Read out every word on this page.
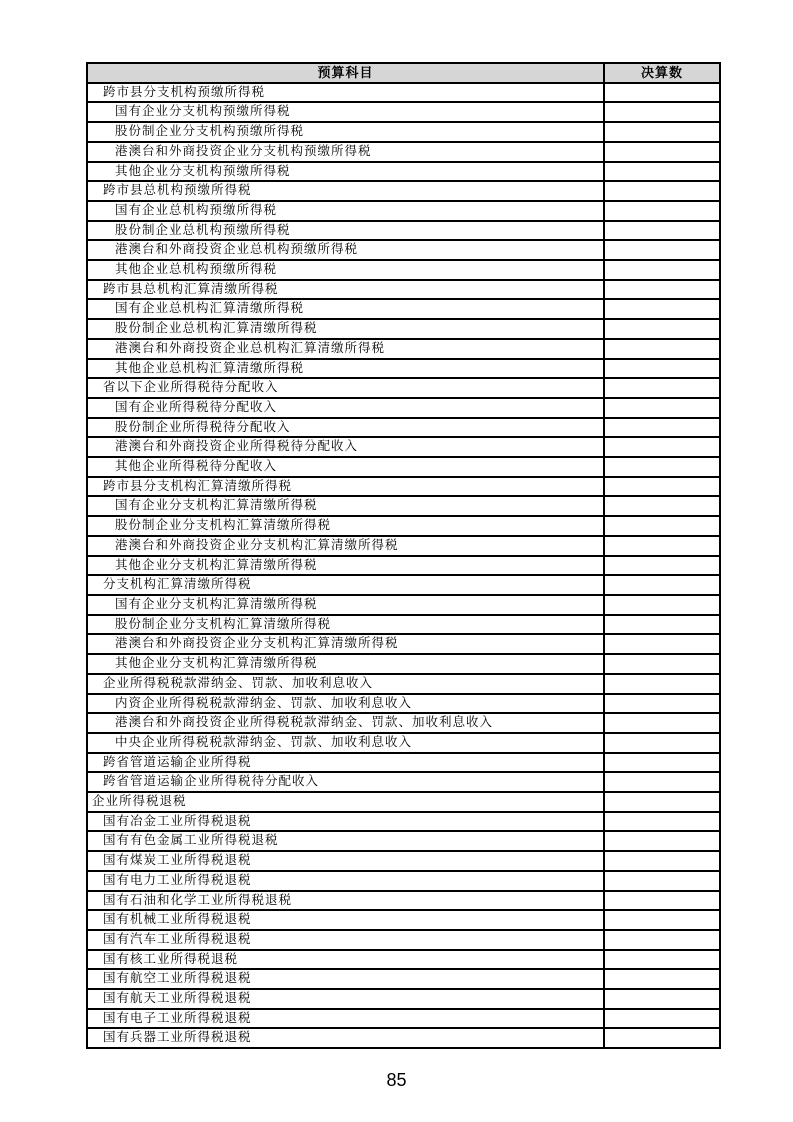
预算科目	决算数
跨市县分支机构预缴所得税	
国有企业分支机构预缴所得税	
股份制企业分支机构预缴所得税	
港澳台和外商投资企业分支机构预缴所得税	
其他企业分支机构预缴所得税	
跨市县总机构预缴所得税	
国有企业总机构预缴所得税	
股份制企业总机构预缴所得税	
港澳台和外商投资企业总机构预缴所得税	
其他企业总机构预缴所得税	
跨市县总机构汇算清缴所得税	
国有企业总机构汇算清缴所得税	
股份制企业总机构汇算清缴所得税	
港澳台和外商投资企业总机构汇算清缴所得税	
其他企业总机构汇算清缴所得税	
省以下企业所得税待分配收入	
国有企业所得税待分配收入	
股份制企业所得税待分配收入	
港澳台和外商投资企业所得税待分配收入	
其他企业所得税待分配收入	
跨市县分支机构汇算清缴所得税	
国有企业分支机构汇算清缴所得税	
股份制企业分支机构汇算清缴所得税	
港澳台和外商投资企业分支机构汇算清缴所得税	
其他企业分支机构汇算清缴所得税	
分支机构汇算清缴所得税	
国有企业分支机构汇算清缴所得税	
股份制企业分支机构汇算清缴所得税	
港澳台和外商投资企业分支机构汇算清缴所得税	
其他企业分支机构汇算清缴所得税	
企业所得税税款滞纳金、罚款、加收利息收入	
内资企业所得税税款滞纳金、罚款、加收利息收入	
港澳台和外商投资企业所得税税款滞纳金、罚款、加收利息收入	
中央企业所得税税款滞纳金、罚款、加收利息收入	
跨省管道运输企业所得税	
跨省管道运输企业所得税待分配收入	
企业所得税退税	
国有冶金工业所得税退税	
国有有色金属工业所得税退税	
国有煤炭工业所得税退税	
国有电力工业所得税退税	
国有石油和化学工业所得税退税	
国有机械工业所得税退税	
国有汽车工业所得税退税	
国有核工业所得税退税	
国有航空工业所得税退税	
国有航天工业所得税退税	
国有电子工业所得税退税	
国有兵器工业所得税退税	
85
